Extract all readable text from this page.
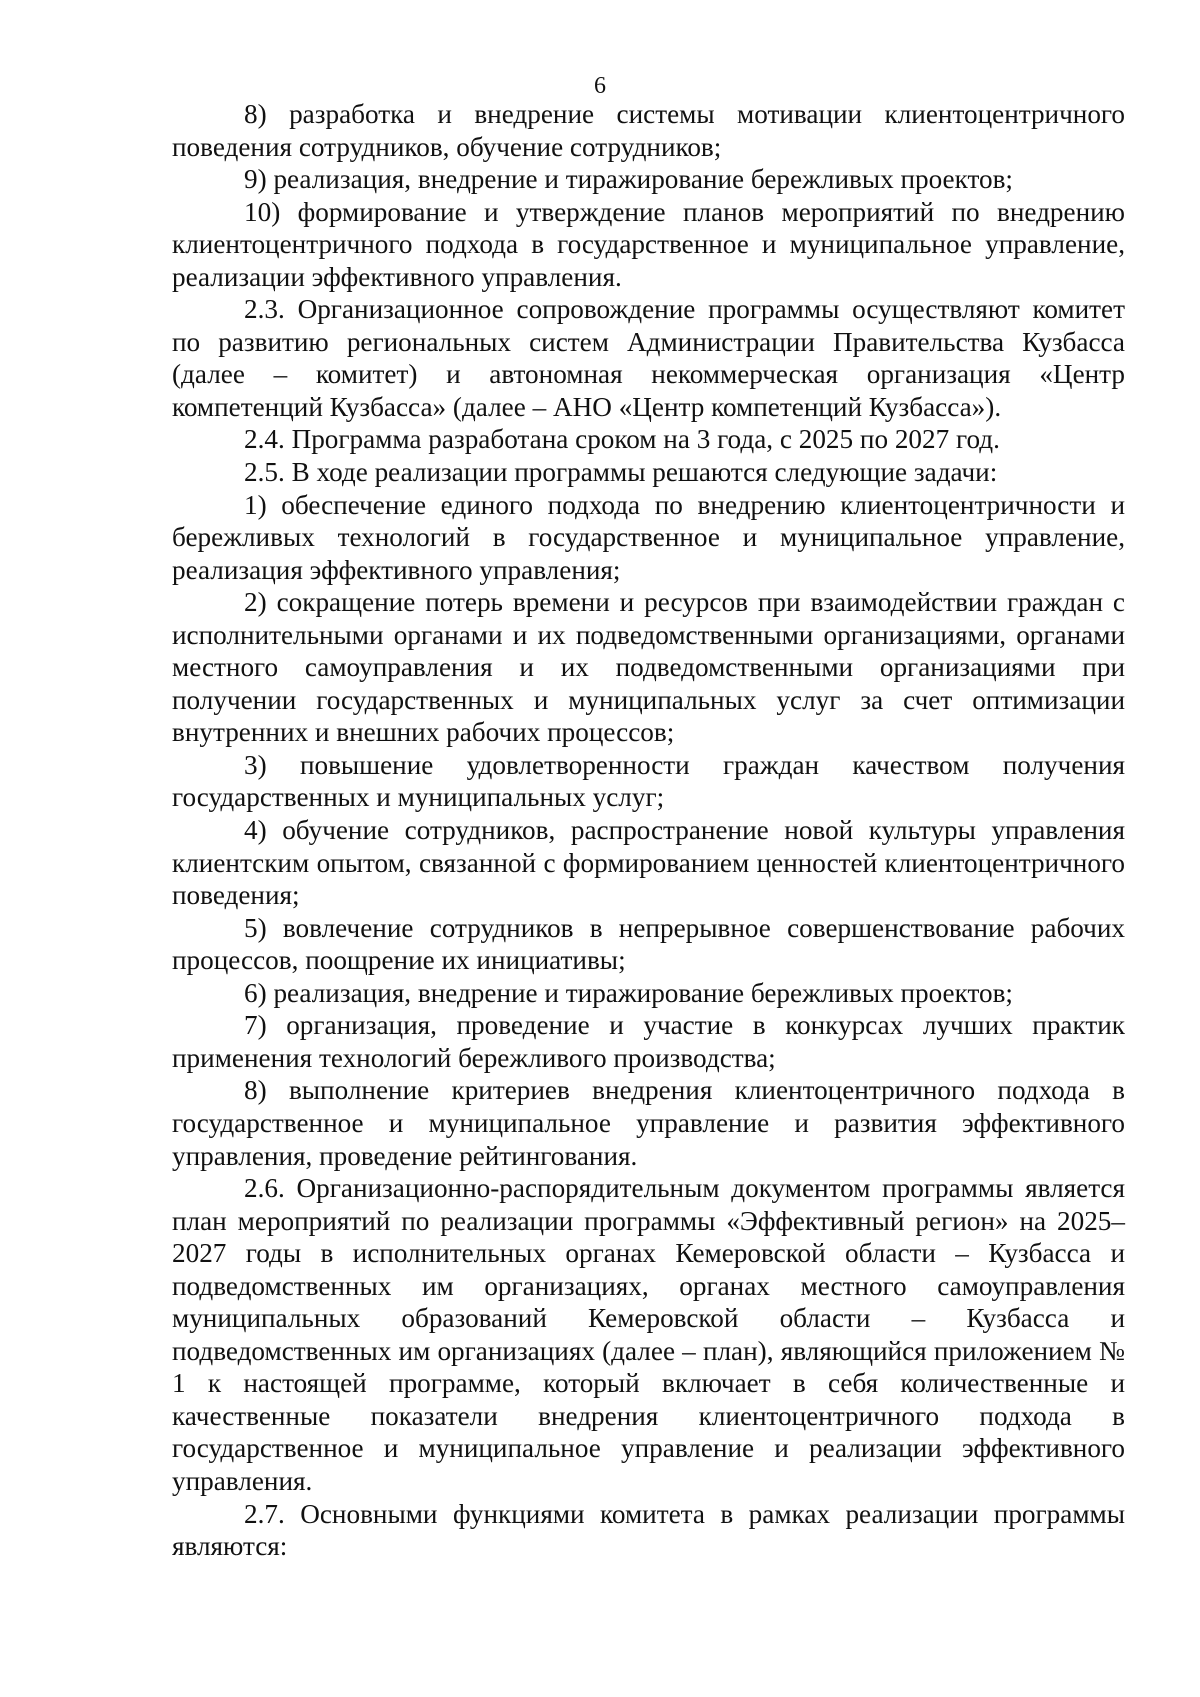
6

8) разработка и внедрение системы мотивации клиентоцентричного поведения сотрудников, обучение сотрудников;

9) реализация, внедрение и тиражирование бережливых проектов;

10) формирование и утверждение планов мероприятий по внедрению клиентоцентричного подхода в государственное и муниципальное управление, реализации эффективного управления.

2.3. Организационное сопровождение программы осуществляют комитет по развитию региональных систем Администрации Правительства Кузбасса (далее – комитет) и автономная некоммерческая организация «Центр компетенций Кузбасса» (далее – АНО «Центр компетенций Кузбасса»).

2.4. Программа разработана сроком на 3 года, с 2025 по 2027 год.

2.5. В ходе реализации программы решаются следующие задачи:

1) обеспечение единого подхода по внедрению клиентоцентричности и бережливых технологий в государственное и муниципальное управление, реализация эффективного управления;

2) сокращение потерь времени и ресурсов при взаимодействии граждан с исполнительными органами и их подведомственными организациями, органами местного самоуправления и их подведомственными организациями при получении государственных и муниципальных услуг за счет оптимизации внутренних и внешних рабочих процессов;

3) повышение удовлетворенности граждан качеством получения государственных и муниципальных услуг;

4) обучение сотрудников, распространение новой культуры управления клиентским опытом, связанной с формированием ценностей клиентоцентричного поведения;

5) вовлечение сотрудников в непрерывное совершенствование рабочих процессов, поощрение их инициативы;

6) реализация, внедрение и тиражирование бережливых проектов;

7) организация, проведение и участие в конкурсах лучших практик применения технологий бережливого производства;

8) выполнение критериев внедрения клиентоцентричного подхода в государственное и муниципальное управление и развития эффективного управления, проведение рейтингования.

2.6. Организационно-распорядительным документом программы является план мероприятий по реализации программы «Эффективный регион» на 2025–2027 годы в исполнительных органах Кемеровской области – Кузбасса и подведомственных им организациях, органах местного самоуправления муниципальных образований Кемеровской области – Кузбасса и подведомственных им организациях (далее – план), являющийся приложением № 1 к настоящей программе, который включает в себя количественные и качественные показатели внедрения клиентоцентричного подхода в государственное и муниципальное управление и реализации эффективного управления.

2.7. Основными функциями комитета в рамках реализации программы являются:
